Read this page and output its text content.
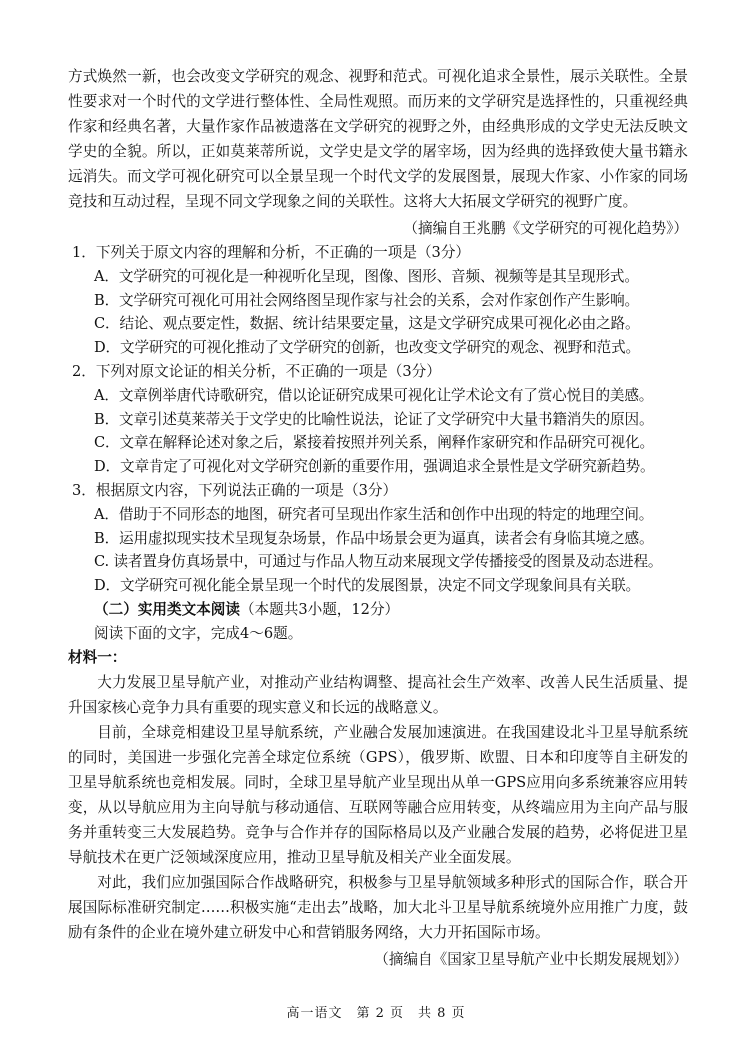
方式焕然一新，也会改变文学研究的观念、视野和范式。可视化追求全景性，展示关联性。全景性要求对一个时代的文学进行整体性、全局性观照。而历来的文学研究是选择性的，只重视经典作家和经典名著，大量作家作品被遗落在文学研究的视野之外，由经典形成的文学史无法反映文学史的全貌。所以，正如莫莱蒂所说，文学史是文学的屠宰场，因为经典的选择致使大量书籍永远消失。而文学可视化研究可以全景呈现一个时代文学的发展图景，展现大作家、小作家的同场竞技和互动过程，呈现不同文学现象之间的关联性。这将大大拓展文学研究的视野广度。

（摘编自王兆鹏《文学研究的可视化趋势》）

1．下列关于原文内容的理解和分析，不正确的一项是（3分）

A．文学研究的可视化是一种视听化呈现，图像、图形、音频、视频等是其呈现形式。

B．文学研究可视化可用社会网络图呈现作家与社会的关系，会对作家创作产生影响。

C．结论、观点要定性，数据、统计结果要定量，这是文学研究成果可视化必由之路。

D．文学研究的可视化推动了文学研究的创新，也改变文学研究的观念、视野和范式。

2．下列对原文论证的相关分析，不正确的一项是（3分）

A．文章例举唐代诗歌研究，借以论证研究成果可视化让学术论文有了赏心悦目的美感。

B．文章引述莫莱蒂关于文学史的比喻性说法，论证了文学研究中大量书籍消失的原因。

C．文章在解释论述对象之后，紧接着按照并列关系，阐释作家研究和作品研究可视化。

D．文章肯定了可视化对文学研究创新的重要作用，强调追求全景性是文学研究新趋势。

3．根据原文内容，下列说法正确的一项是（3分）

A．借助于不同形态的地图，研究者可呈现出作家生活和创作中出现的特定的地理空间。

B．运用虚拟现实技术呈现复杂场景，作品中场景会更为逼真，读者会有身临其境之感。

C. 读者置身仿真场景中，可通过与作品人物互动来展现文学传播接受的图景及动态进程。

D．文学研究可视化能全景呈现一个时代的发展图景，决定不同文学现象间具有关联。

（二）实用类文本阅读（本题共3小题，12分）

阅读下面的文字，完成4～6题。

材料一：

大力发展卫星导航产业，对推动产业结构调整、提高社会生产效率、改善人民生活质量、提升国家核心竞争力具有重要的现实意义和长远的战略意义。

目前，全球竞相建设卫星导航系统，产业融合发展加速演进。在我国建设北斗卫星导航系统的同时，美国进一步强化完善全球定位系统（GPS），俄罗斯、欧盟、日本和印度等自主研发的卫星导航系统也竞相发展。同时，全球卫星导航产业呈现出从单一GPS应用向多系统兼容应用转变，从以导航应用为主向导航与移动通信、互联网等融合应用转变，从终端应用为主向产品与服务并重转变三大发展趋势。竞争与合作并存的国际格局以及产业融合发展的趋势，必将促进卫星导航技术在更广泛领域深度应用，推动卫星导航及相关产业全面发展。

对此，我们应加强国际合作战略研究，积极参与卫星导航领域多种形式的国际合作，联合开展国际标准研究制定……积极实施“走出去”战略，加大北斗卫星导航系统境外应用推广力度，鼓励有条件的企业在境外建立研发中心和营销服务网络，大力开拓国际市场。

（摘编自《国家卫星导航产业中长期发展规划》）

高一语文　第 2 页　共 8 页
